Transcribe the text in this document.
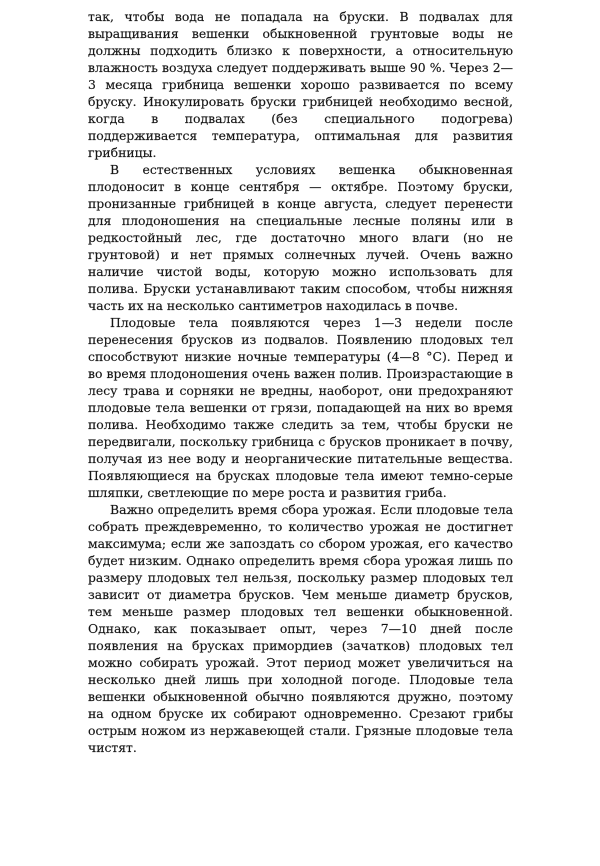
так, чтобы вода не попадала на бруски. В подвалах для выращивания вешенки обыкновенной грунтовые воды не должны подходить близко к поверхности, а относительную влажность воздуха следует поддерживать выше 90 %. Через 2—3 месяца грибница вешенки хорошо развивается по всему бруску. Инокулировать бруски грибницей необходимо весной, когда в подвалах (без специального подогрева) поддерживается температура, оптимальная для развития грибницы.

В естественных условиях вешенка обыкновенная плодоносит в конце сентября — октябре. Поэтому бруски, пронизанные грибницей в конце августа, следует перенести для плодоношения на специальные лесные поляны или в редкостойный лес, где достаточно много влаги (но не грунтовой) и нет прямых солнечных лучей. Очень важно наличие чистой воды, которую можно использовать для полива. Бруски устанавливают таким способом, чтобы нижняя часть их на несколько сантиметров находилась в почве.

Плодовые тела появляются через 1—3 недели после перенесения брусков из подвалов. Появлению плодовых тел способствуют низкие ночные температуры (4—8 °С). Перед и во время плодоношения очень важен полив. Произрастающие в лесу трава и сорняки не вредны, наоборот, они предохраняют плодовые тела вешенки от грязи, попадающей на них во время полива. Необходимо также следить за тем, чтобы бруски не передвигали, поскольку грибница с брусков проникает в почву, получая из нее воду и неорганические питательные вещества. Появляющиеся на брусках плодовые тела имеют темно-серые шляпки, светлеющие по мере роста и развития гриба.

Важно определить время сбора урожая. Если плодовые тела собрать преждевременно, то количество урожая не достигнет максимума; если же запоздать со сбором урожая, его качество будет низким. Однако определить время сбора урожая лишь по размеру плодовых тел нельзя, поскольку размер плодовых тел зависит от диаметра брусков. Чем меньше диаметр брусков, тем меньше размер плодовых тел вешенки обыкновенной. Однако, как показывает опыт, через 7—10 дней после появления на брусках примордиев (зачатков) плодовых тел можно собирать урожай. Этот период может увеличиться на несколько дней лишь при холодной погоде. Плодовые тела вешенки обыкновенной обычно появляются дружно, поэтому на одном бруске их собирают одновременно. Срезают грибы острым ножом из нержавеющей стали. Грязные плодовые тела чистят.
